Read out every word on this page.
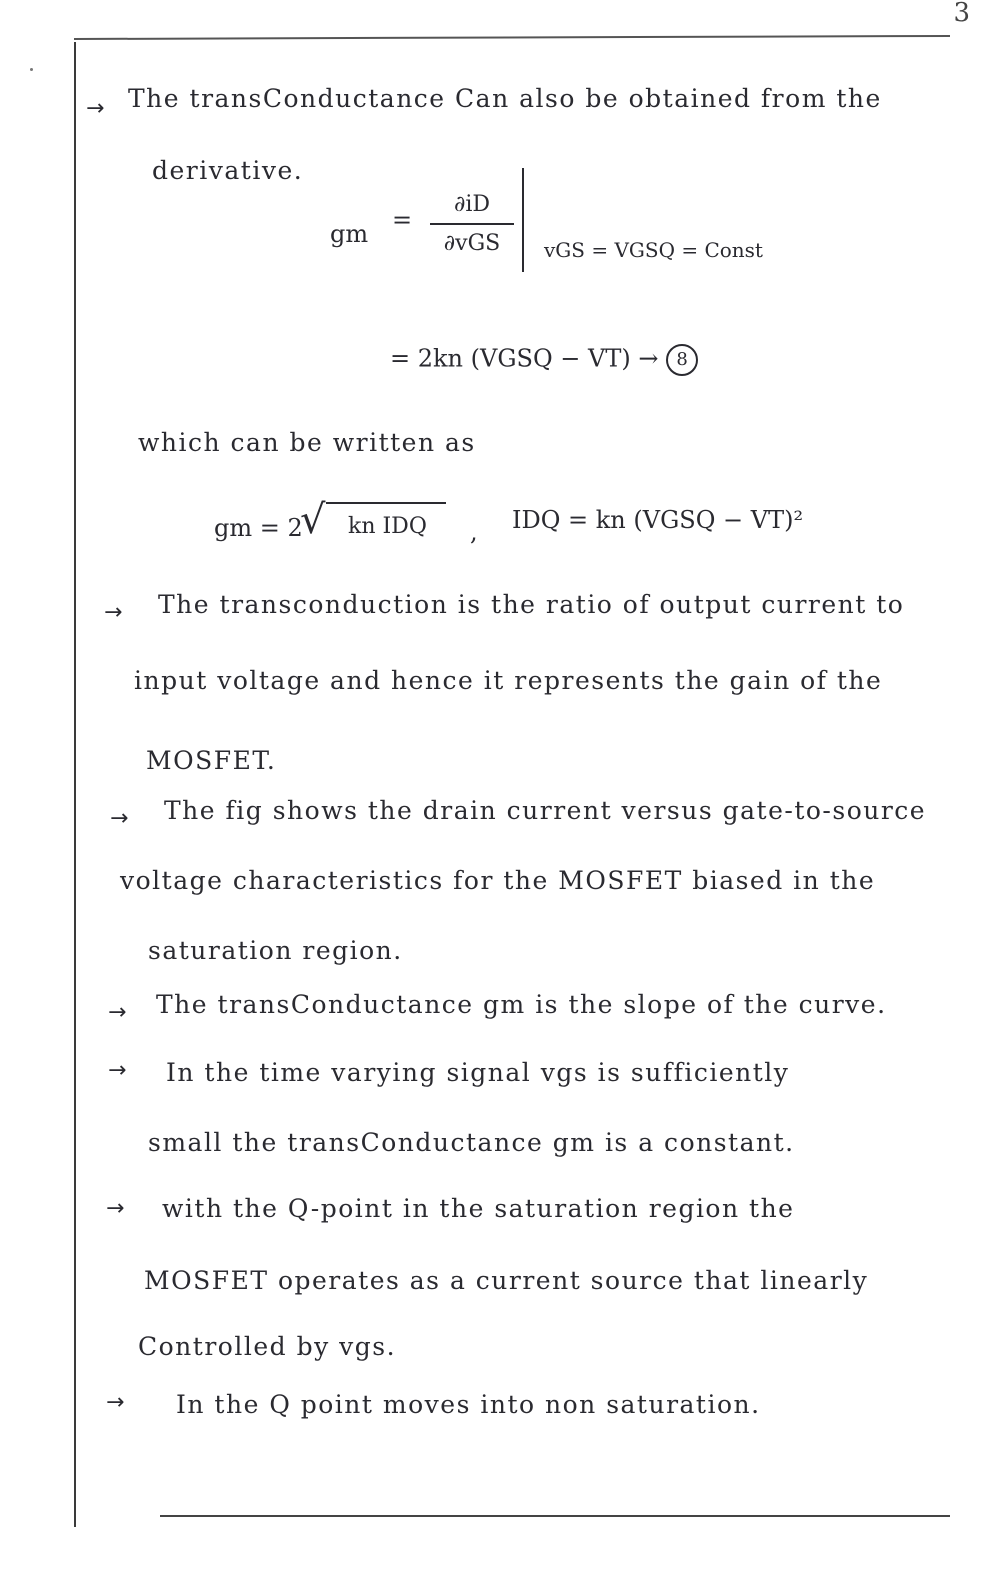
3
→ The transConductance Can also be obtained from the
derivative.
gm =
∂iD
∂vGS	vGS = VGSQ = Const
= 2kn (VGSQ − VT) → 8
which can be written as
gm = 2
√ kn IDQ , IDQ = kn (VGSQ − VT)²
→ The transconduction is the ratio of output current to
input voltage and hence it represents the gain of the
MOSFET.
→ The fig shows the drain current versus gate-to-source
voltage characteristics for the MOSFET biased in the
saturation region.
→ The transConductance gm is the slope of the curve.
→ In the time varying signal vgs is sufficiently
small the transConductance gm is a constant.
→ with the Q-point in the saturation region the
MOSFET operates as a current source that linearly
Controlled by vgs.
→ In the Q point moves into non saturation.
